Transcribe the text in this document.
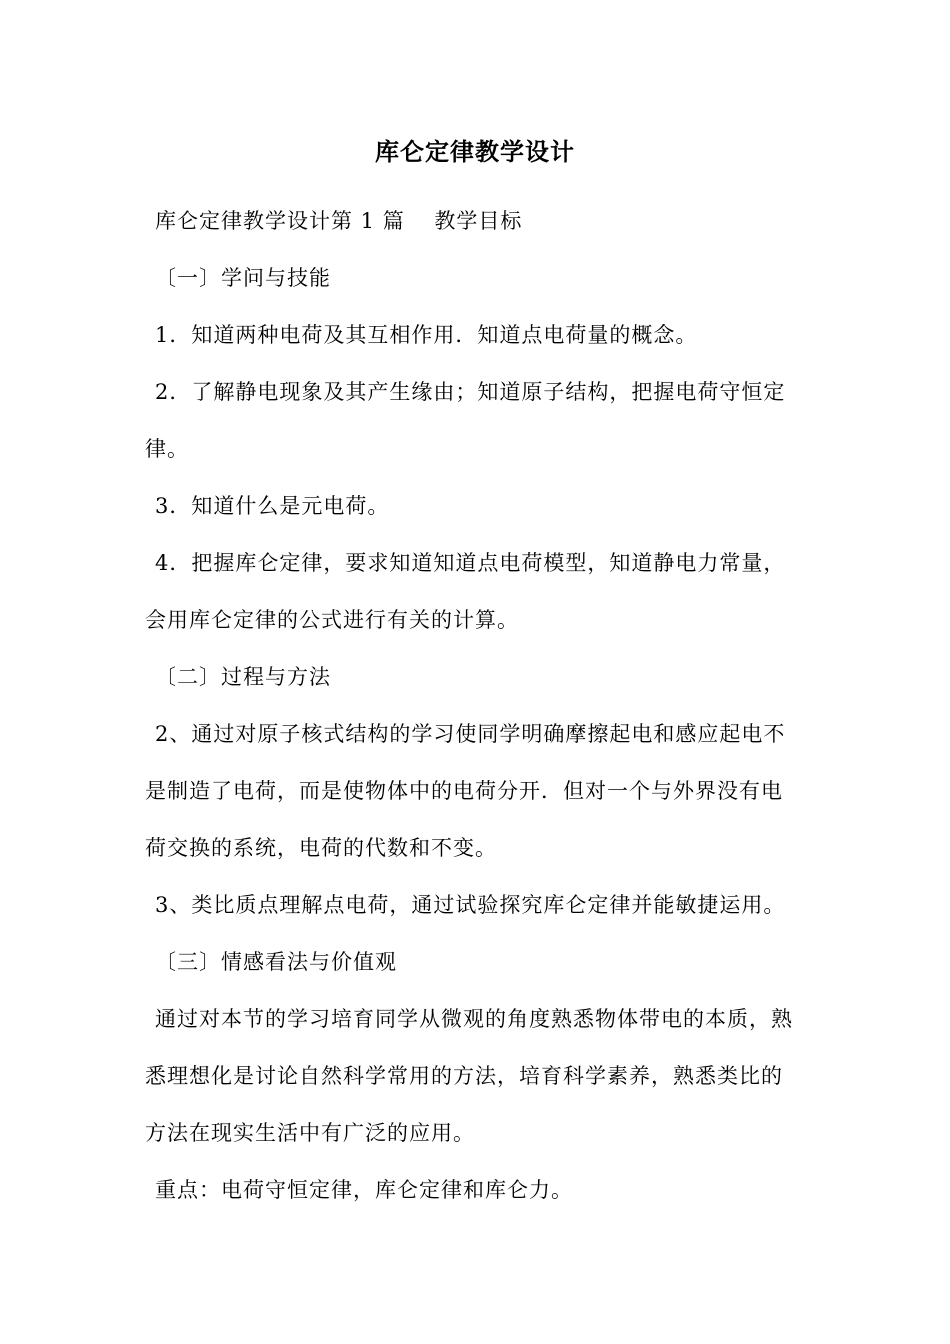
库仑定律教学设计
库仑定律教学设计第 1 篇　 教学目标
〔一〕学问与技能
1．知道两种电荷及其互相作用．知道点电荷量的概念。
2．了解静电现象及其产生缘由；知道原子结构，把握电荷守恒定
律。
3．知道什么是元电荷。
4．把握库仑定律，要求知道知道点电荷模型，知道静电力常量，
会用库仑定律的公式进行有关的计算。
〔二〕过程与方法
2、通过对原子核式结构的学习使同学明确摩擦起电和感应起电不
是制造了电荷，而是使物体中的电荷分开．但对一个与外界没有电
荷交换的系统，电荷的代数和不变。
3、类比质点理解点电荷，通过试验探究库仑定律并能敏捷运用。
〔三〕情感看法与价值观
通过对本节的学习培育同学从微观的角度熟悉物体带电的本质，熟
悉理想化是讨论自然科学常用的方法，培育科学素养，熟悉类比的
方法在现实生活中有广泛的应用。
重点：电荷守恒定律，库仑定律和库仑力。
